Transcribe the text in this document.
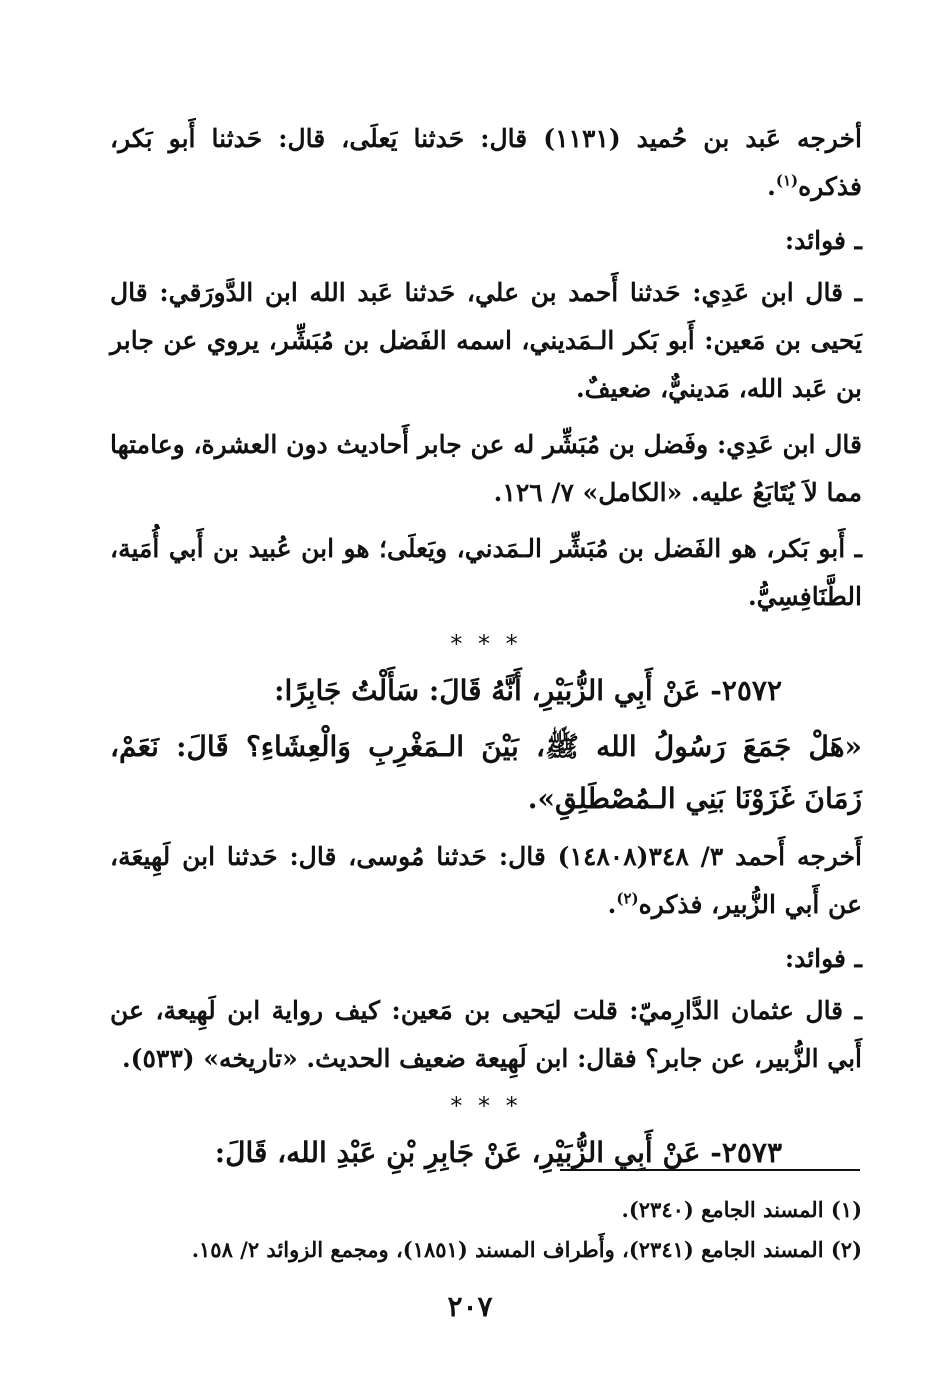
أخرجه عَبد بن حُميد (١١٣١) قال: حَدثنا يَعلَى، قال: حَدثنا أَبو بَكر، فذكره$^{(١)}$.

ـ فوائد:

ـ قال ابن عَدِي: حَدثنا أَحمد بن علي، حَدثنا عَبد الله ابن الدَّورَقي: قال يَحيى بن مَعين: أَبو بَكر الـمَديني، اسمه الفَضل بن مُبَشِّر، يروي عن جابر بن عَبد الله، مَدينيٌّ، ضعيفٌ.

قال ابن عَدِي: وفَضل بن مُبَشِّر له عن جابر أَحاديث دون العشرة، وعامتها مما لاَ يُتَابَعُ عليه. «الكامل» ٧/ ١٢٦.

ـ أَبو بَكر، هو الفَضل بن مُبَشِّر الـمَدني، ويَعلَى؛ هو ابن عُبيد بن أَبي أُمَية، الطَّنَافِسِيُّ.

* * *

٢٥٧٢- عَنْ أَبِي الزُّبَيْرِ، أَنَّهُ قَالَ: سَأَلْتُ جَابِرًا:

«هَلْ جَمَعَ رَسُولُ الله ﷺ، بَيْنَ الـمَغْرِبِ وَالْعِشَاءِ؟ قَالَ: نَعَمْ، زَمَانَ غَزَوْنَا بَنِي الـمُصْطَلِقِ».

أَخرجه أَحمد ٣/ ٣٤٨(١٤٨٠٨) قال: حَدثنا مُوسى، قال: حَدثنا ابن لَهِيعَة، عن أَبي الزُّبير، فذكره$^{(٢)}$.

ـ فوائد:

ـ قال عثمان الدَّارِميّ: قلت ليَحيى بن مَعين: كيف رواية ابن لَهِيعة، عن أَبي الزُّبير، عن جابر؟ فقال: ابن لَهِيعة ضعيف الحديث. «تاريخه» (٥٣٣).

* * *

٢٥٧٣- عَنْ أَبِي الزُّبَيْرِ، عَنْ جَابِرِ بْنِ عَبْدِ الله، قَالَ:

(١) المسند الجامع (٢٣٤٠).

(٢) المسند الجامع (٢٣٤١)، وأَطراف المسند (١٨٥١)، ومجمع الزوائد ٢/ ١٥٨.

٢٠٧
